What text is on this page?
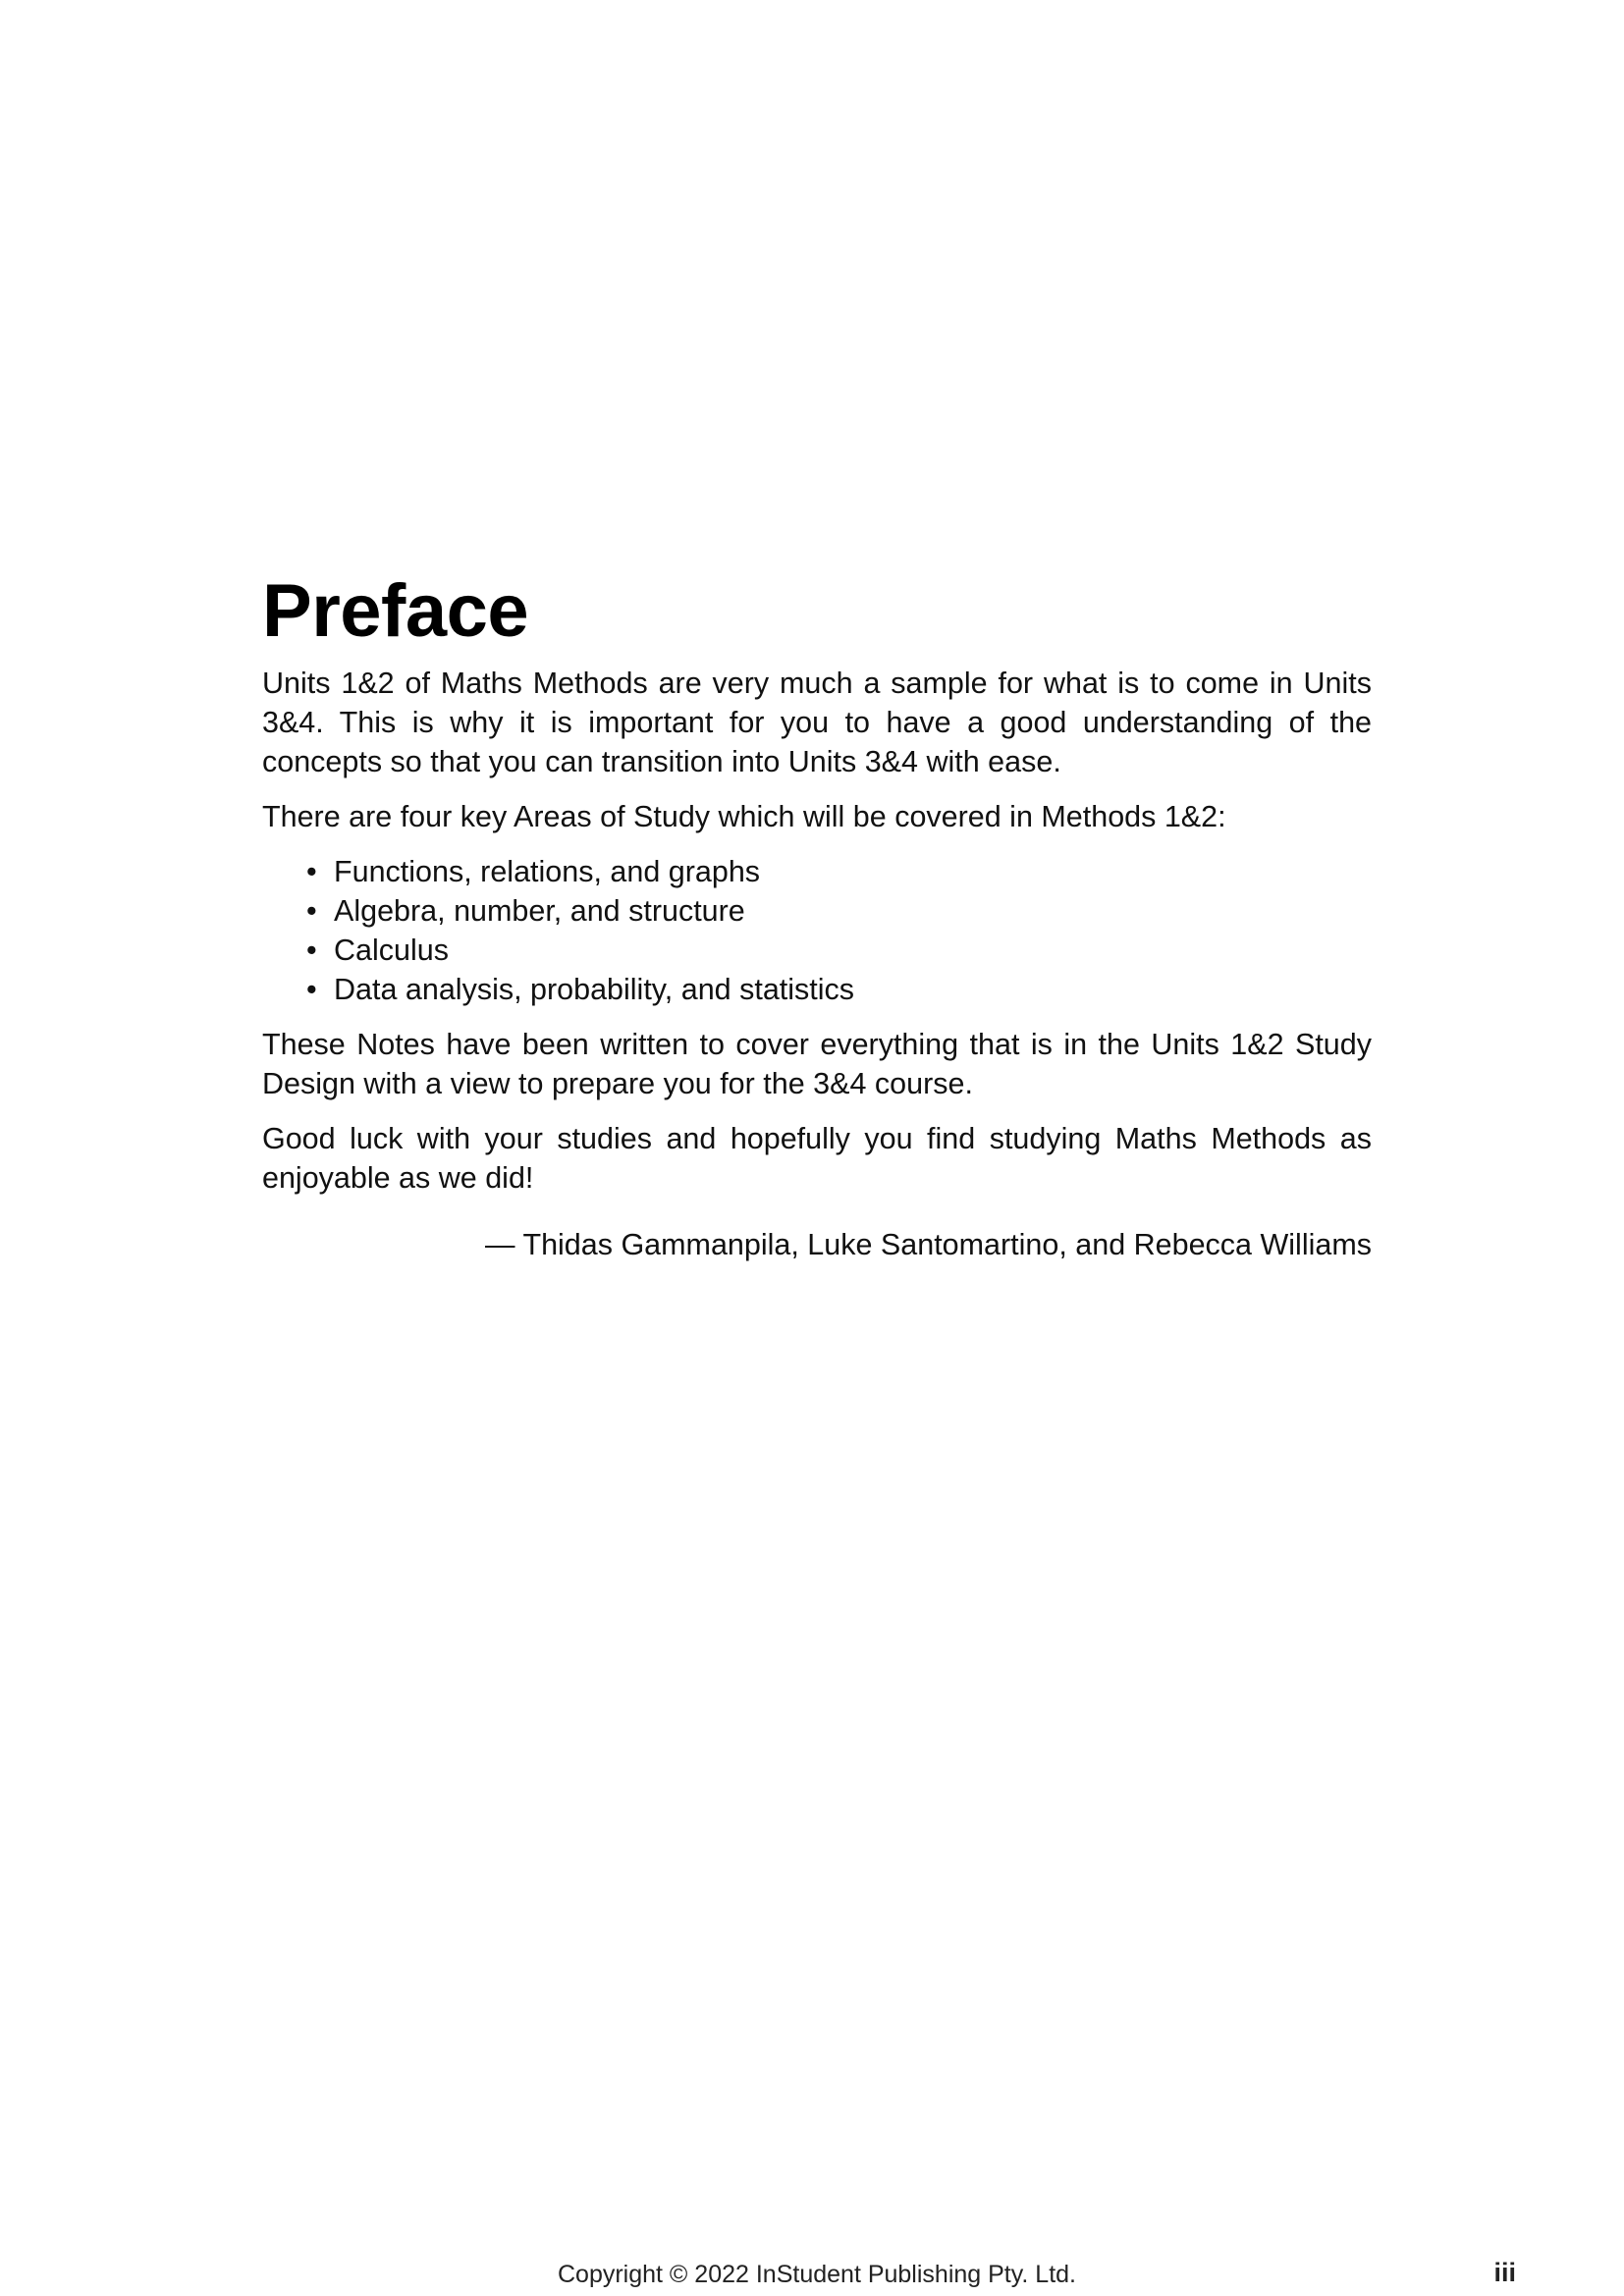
Preface

Units 1&2 of Maths Methods are very much a sample for what is to come in Units 3&4. This is why it is important for you to have a good understanding of the concepts so that you can transition into Units 3&4 with ease.

There are four key Areas of Study which will be covered in Methods 1&2:

• Functions, relations, and graphs
• Algebra, number, and structure
• Calculus
• Data analysis, probability, and statistics

These Notes have been written to cover everything that is in the Units 1&2 Study Design with a view to prepare you for the 3&4 course.

Good luck with your studies and hopefully you find studying Maths Methods as enjoyable as we did!

— Thidas Gammanpila, Luke Santomartino, and Rebecca Williams
Copyright © 2022 InStudent Publishing Pty. Ltd.	iii
